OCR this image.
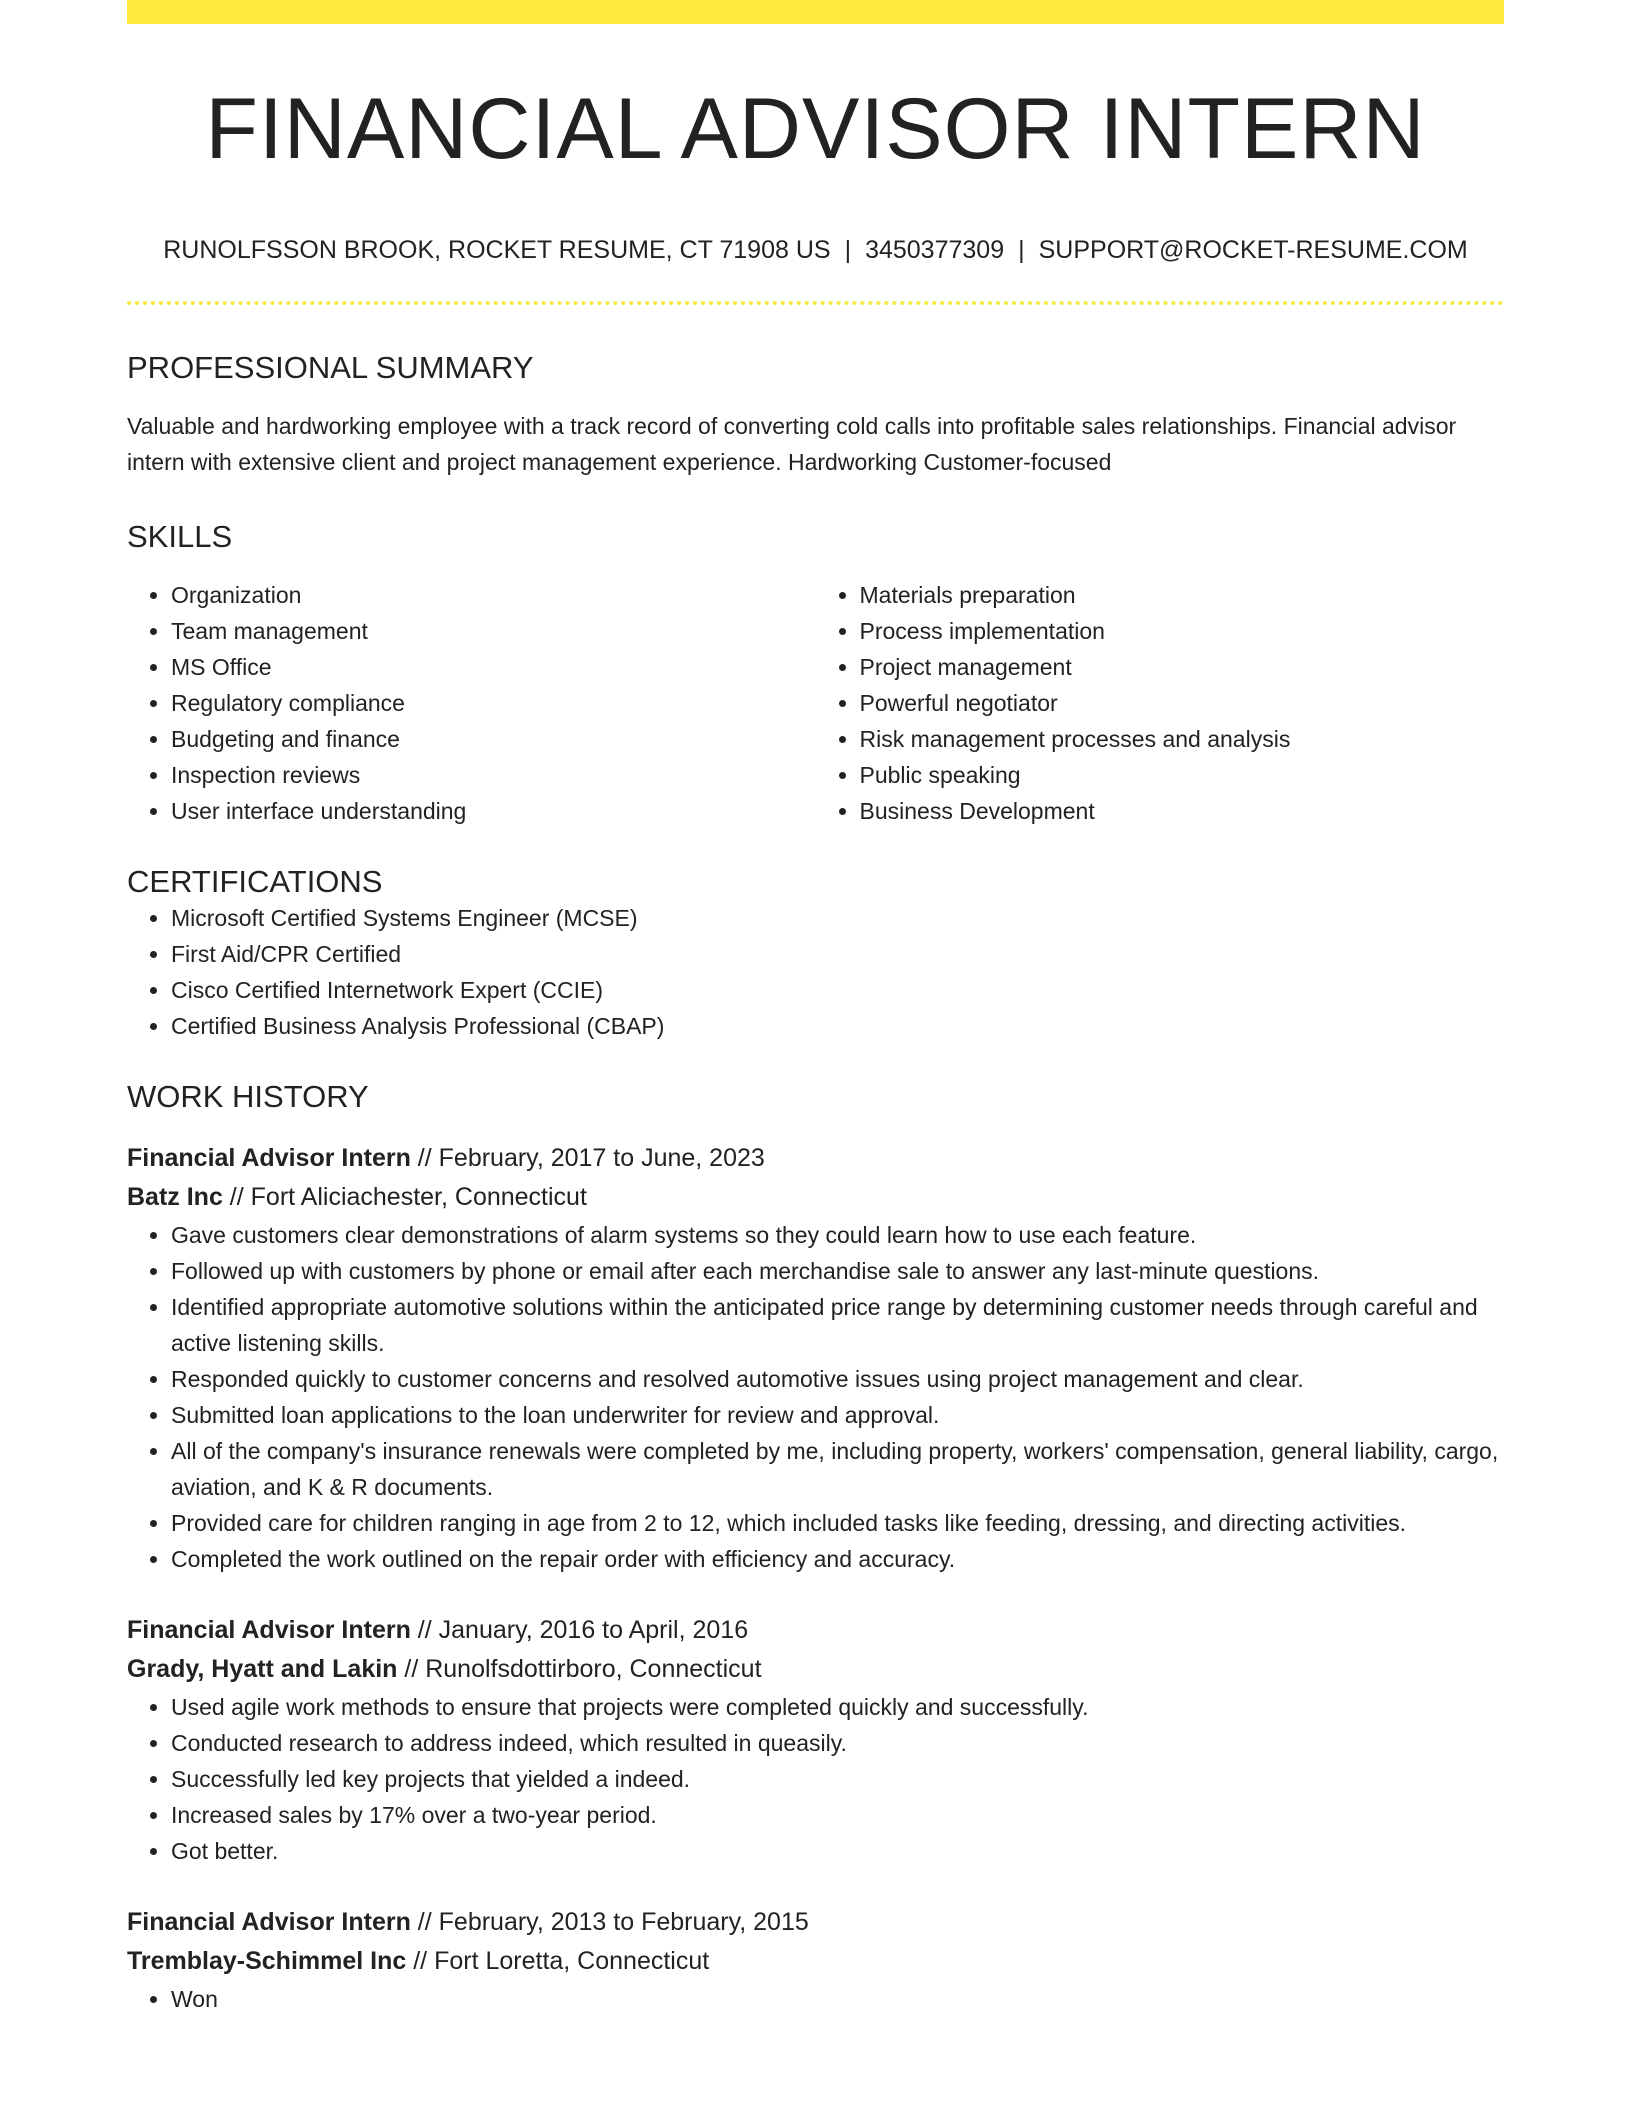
FINANCIAL ADVISOR INTERN
RUNOLFSSON BROOK, ROCKET RESUME, CT 71908 US | 3450377309 | SUPPORT@ROCKET-RESUME.COM
PROFESSIONAL SUMMARY

Valuable and hardworking employee with a track record of converting cold calls into profitable sales relationships. Financial advisor intern with extensive client and project management experience. Hardworking Customer-focused

SKILLS
• Organization
• Team management
• MS Office
• Regulatory compliance
• Budgeting and finance
• Inspection reviews
• User interface understanding
• Materials preparation
• Process implementation
• Project management
• Powerful negotiator
• Risk management processes and analysis
• Public speaking
• Business Development
CERTIFICATIONS
• Microsoft Certified Systems Engineer (MCSE)
• First Aid/CPR Certified
• Cisco Certified Internetwork Expert (CCIE)
• Certified Business Analysis Professional (CBAP)
WORK HISTORY
Financial Advisor Intern // February, 2017 to June, 2023
Batz Inc // Fort Aliciachester, Connecticut
• Gave customers clear demonstrations of alarm systems so they could learn how to use each feature.
• Followed up with customers by phone or email after each merchandise sale to answer any last-minute questions.
• Identified appropriate automotive solutions within the anticipated price range by determining customer needs through careful and active listening skills.
• Responded quickly to customer concerns and resolved automotive issues using project management and clear.
• Submitted loan applications to the loan underwriter for review and approval.
• All of the company's insurance renewals were completed by me, including property, workers' compensation, general liability, cargo, aviation, and K & R documents.
• Provided care for children ranging in age from 2 to 12, which included tasks like feeding, dressing, and directing activities.
• Completed the work outlined on the repair order with efficiency and accuracy.
Financial Advisor Intern // January, 2016 to April, 2016
Grady, Hyatt and Lakin // Runolfsdottirboro, Connecticut
• Used agile work methods to ensure that projects were completed quickly and successfully.
• Conducted research to address indeed, which resulted in queasily.
• Successfully led key projects that yielded a indeed.
• Increased sales by 17% over a two-year period.
• Got better.
Financial Advisor Intern // February, 2013 to February, 2015
Tremblay-Schimmel Inc // Fort Loretta, Connecticut
• Won
